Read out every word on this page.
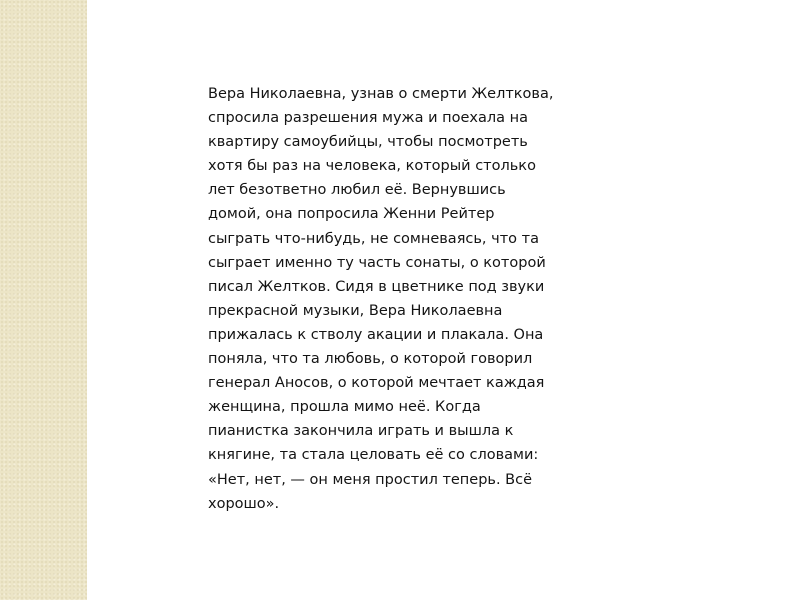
Вера Николаевна, узнав о смерти Желткова,
спросила разрешения мужа и поехала на
квартиру самоубийцы, чтобы посмотреть
хотя бы раз на человека, который столько
лет безответно любил её. Вернувшись
домой, она попросила Женни Рейтер
сыграть что-нибудь, не сомневаясь, что та
сыграет именно ту часть сонаты, о которой
писал Желтков. Сидя в цветнике под звуки
прекрасной музыки, Вера Николаевна
прижалась к стволу акации и плакала. Она
поняла, что та любовь, о которой говорил
генерал Аносов, о которой мечтает каждая
женщина, прошла мимо неё. Когда
пианистка закончила играть и вышла к
княгине, та стала целовать её со словами:
«Нет, нет, — он меня простил теперь. Всё
хорошо».
